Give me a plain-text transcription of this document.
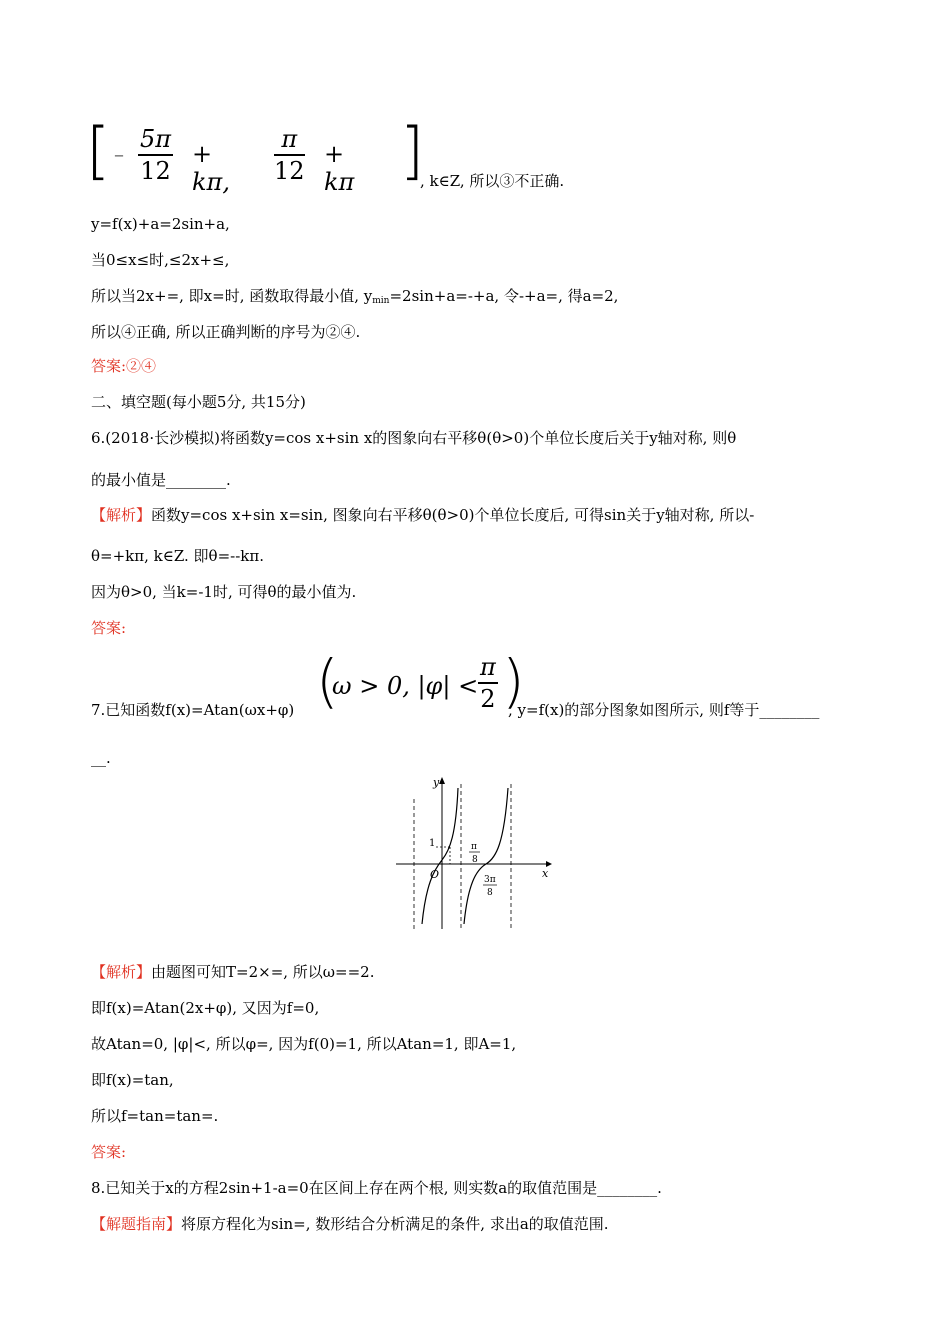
[ – $\frac{5\pi}{12} + k\pi$, $\frac{\pi}{12} + k\pi$ ]
, k∈Z, 所以③不正确.
y=f(x)+a=2sin+a,
当0≤x≤时,≤2x+≤,
所以当2x+=, 即x=时, 函数取得最小值, $y_{min}=2\sin+a=-+a$, 令-+a=, 得a=2,
所以④正确, 所以正确判断的序号为②④.
答案:②④
二、填空题(每小题5分, 共15分)
6.(2018·长沙模拟)将函数y=cos x+sin x的图象向右平移θ(θ>0)个单位长度后关于y轴对称, 则θ
的最小值是________.
【解析】函数y=cos x+sin x=sin, 图象向右平移θ(θ>0)个单位长度后, 可得sin关于y轴对称, 所以-
θ=+kπ, k∈Z. 即θ=--kπ.
因为θ>0, 当k=-1时, 可得θ的最小值为.
答案:
7.已知函数f(x)=Atan(ωx+φ) (
ω > 0, $|\varphi| < \frac{\pi}{2}$ )
, y=f(x)的部分图象如图所示, 则f等于________
__.
y
x
O
1	π
8
3π
8
【解析】由题图可知T=2×=, 所以ω==2.
即f(x)=Atan(2x+φ), 又因为f=0,
故Atan=0, |φ|<, 所以φ=, 因为f(0)=1, 所以Atan=1, 即A=1,
即f(x)=tan,
所以f=tan=tan=.
答案:
8.已知关于x的方程2sin+1-a=0在区间上存在两个根, 则实数a的取值范围是________.
【解题指南】将原方程化为sin=, 数形结合分析满足的条件, 求出a的取值范围.
